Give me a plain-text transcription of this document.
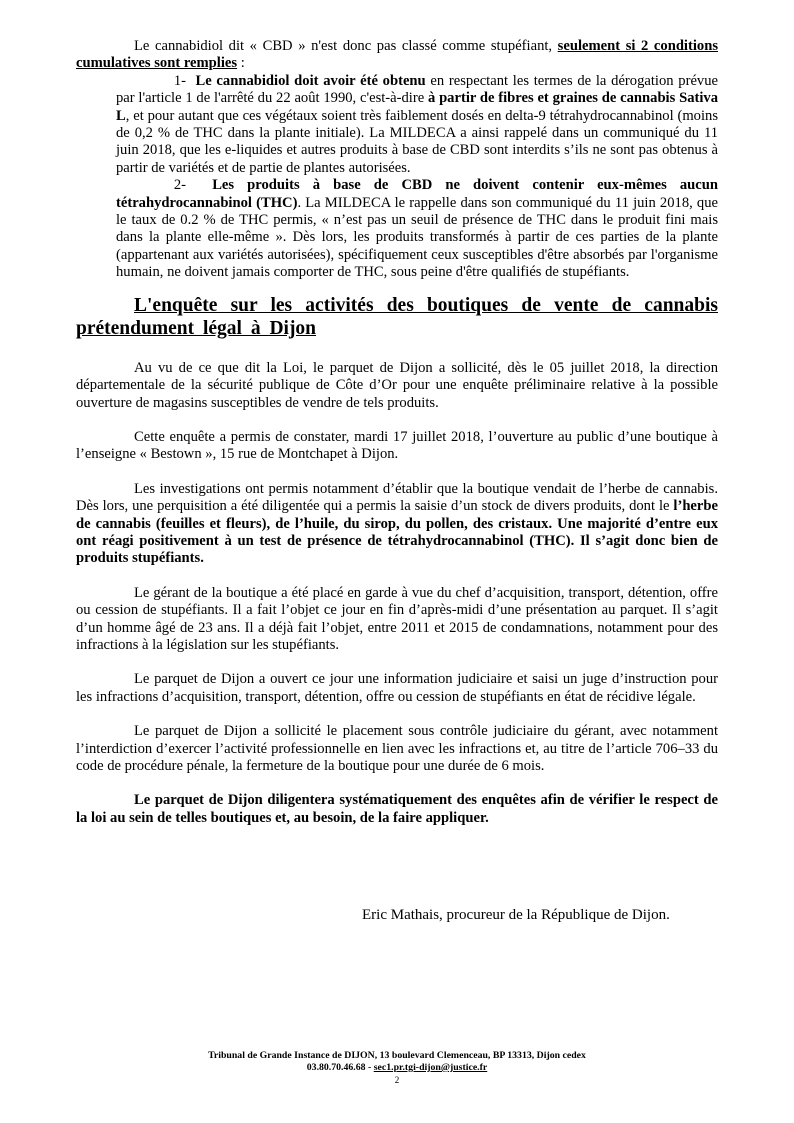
Le cannabidiol dit « CBD » n'est donc pas classé comme stupéfiant, seulement si 2 conditions cumulatives sont remplies :

1- Le cannabidiol doit avoir été obtenu en respectant les termes de la dérogation prévue par l'article 1 de l'arrêté du 22 août 1990, c'est-à-dire à partir de fibres et graines de cannabis Sativa L, et pour autant que ces végétaux soient très faiblement dosés en delta-9 tétrahydrocannabinol (moins de 0,2 % de THC dans la plante initiale). La MILDECA a ainsi rappelé dans un communiqué du 11 juin 2018, que les e-liquides et autres produits à base de CBD sont interdits s’ils ne sont pas obtenus à partir de variétés et de partie de plantes autorisées.

2- Les produits à base de CBD ne doivent contenir eux-mêmes aucun tétrahydrocannabinol (THC). La MILDECA le rappelle dans son communiqué du 11 juin 2018, que le taux de 0.2 % de THC permis, « n’est pas un seuil de présence de THC dans le produit fini mais dans la plante elle-même ». Dès lors, les produits transformés à partir de ces parties de la plante (appartenant aux variétés autorisées), spécifiquement ceux susceptibles d'être absorbés par l'organisme humain, ne doivent jamais comporter de THC, sous peine d'être qualifiés de stupéfiants.

L'enquête sur les activités des boutiques de vente de cannabis prétendument légal à Dijon

Au vu de ce que dit la Loi, le parquet de Dijon a sollicité, dès le 05 juillet 2018, la direction départementale de la sécurité publique de Côte d’Or pour une enquête préliminaire relative à la possible ouverture de magasins susceptibles de vendre de tels produits.

Cette enquête a permis de constater, mardi 17 juillet 2018, l’ouverture au public d’une boutique à l’enseigne « Bestown », 15 rue de Montchapet à Dijon.

Les investigations ont permis notamment d’établir que la boutique vendait de l’herbe de cannabis. Dès lors, une perquisition a été diligentée qui a permis la saisie d’un stock de divers produits, dont le l’herbe de cannabis (feuilles et fleurs), de l’huile, du sirop, du pollen, des cristaux. Une majorité d’entre eux ont réagi positivement à un test de présence de tétrahydrocannabinol (THC). Il s’agit donc bien de produits stupéfiants.

Le gérant de la boutique a été placé en garde à vue du chef d’acquisition, transport, détention, offre ou cession de stupéfiants. Il a fait l’objet ce jour en fin d’après-midi d’une présentation au parquet. Il s’agit d’un homme âgé de 23 ans. Il a déjà fait l’objet, entre 2011 et 2015 de condamnations, notamment pour des infractions à la législation sur les stupéfiants.

Le parquet de Dijon a ouvert ce jour une information judiciaire et saisi un juge d’instruction pour les infractions d’acquisition, transport, détention, offre ou cession de stupéfiants en état de récidive légale.

Le parquet de Dijon a sollicité le placement sous contrôle judiciaire du gérant, avec notamment l’interdiction d’exercer l’activité professionnelle en lien avec les infractions et, au titre de l’article 706–33 du code de procédure pénale, la fermeture de la boutique pour une durée de 6 mois.

Le parquet de Dijon diligentera systématiquement des enquêtes afin de vérifier le respect de la loi au sein de telles boutiques et, au besoin, de la faire appliquer.

Eric Mathais, procureur de la République de Dijon.

Tribunal de Grande Instance de DIJON, 13 boulevard Clemenceau, BP 13313, Dijon cedex
03.80.70.46.68 - sec1.pr.tgi-dijon@justice.fr
2
